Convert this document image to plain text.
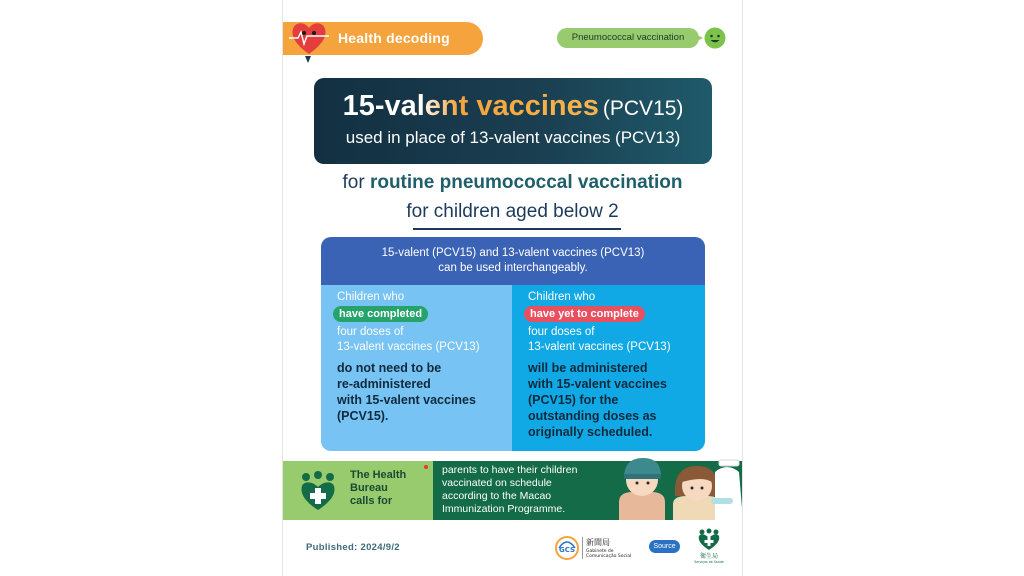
Health decoding	Pneumococcal vaccination
15-valent vaccines (PCV15)
used in place of 13-valent vaccines (PCV13)
for routine pneumococcal vaccination
for children aged below 2
15-valent (PCV15) and 13-valent vaccines (PCV13)
can be used interchangeably.
Children who
have completed
four doses of
13-valent vaccines (PCV13)
do not need to be
re-administered
with 15-valent vaccines
(PCV15).
Children who
have yet to complete
four doses of
13-valent vaccines (PCV13)
will be administered
with 15-valent vaccines
(PCV15) for the
outstanding doses as
originally scheduled.
The Health
Bureau
calls for
parents to have their children
vaccinated on schedule
according to the Macao
Immunization Programme.
Published: 2024/9/2	GCS
新聞局
Gabinete de
Comunicação Social
Source
衛生局
Serviços de Saúde
